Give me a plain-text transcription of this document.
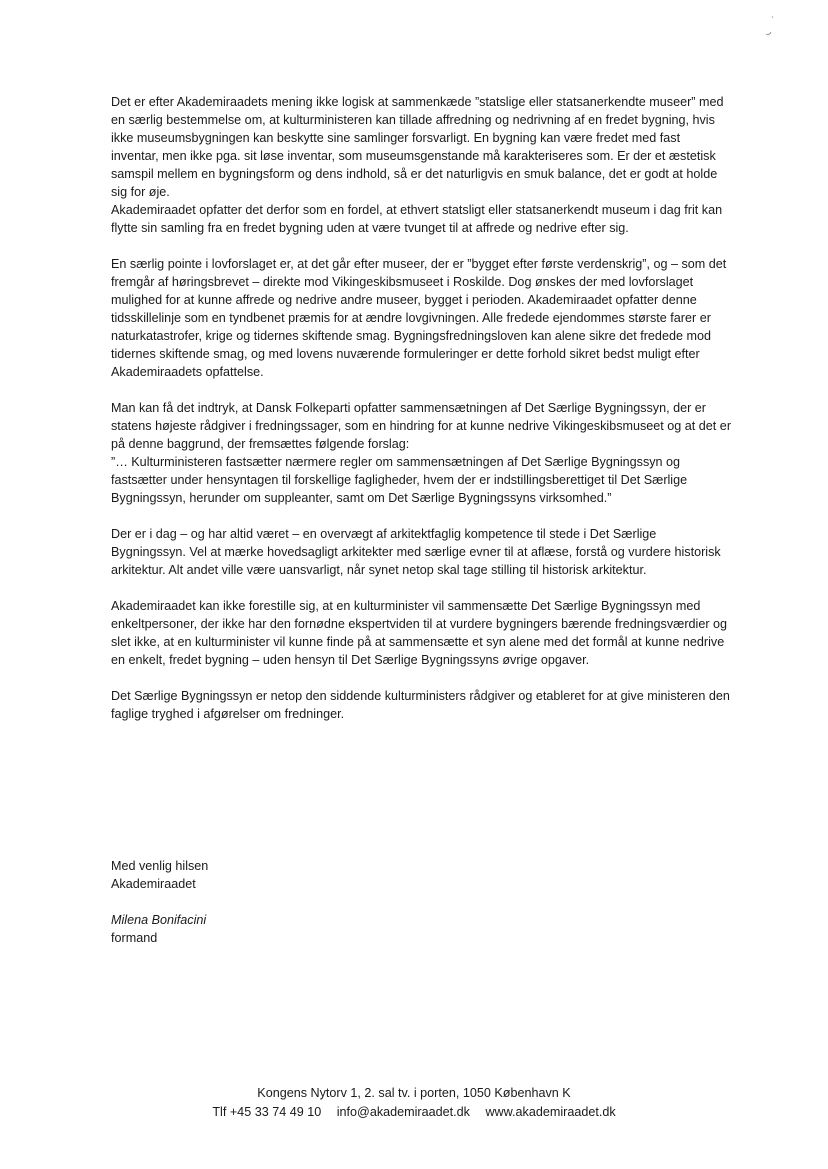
Det er efter Akademiraadets mening ikke logisk at sammenkæde ”statslige eller statsanerkendte museer” med en særlig bestemmelse om, at kulturministeren kan tillade affredning og nedrivning af en fredet bygning, hvis ikke museumsbygningen kan beskytte sine samlinger forsvarligt. En bygning kan være fredet med fast inventar, men ikke pga. sit løse inventar, som museumsgenstande må karakteriseres som. Er der et æstetisk samspil mellem en bygningsform og dens indhold, så er det naturligvis en smuk balance, det er godt at holde sig for øje.

Akademiraadet opfatter det derfor som en fordel, at ethvert statsligt eller statsanerkendt museum i dag frit kan flytte sin samling fra en fredet bygning uden at være tvunget til at affrede og nedrive efter sig.

En særlig pointe i lovforslaget er, at det går efter museer, der er ”bygget efter første verdenskrig”, og – som det fremgår af høringsbrevet – direkte mod Vikingeskibsmuseet i Roskilde. Dog ønskes der med lovforslaget mulighed for at kunne affrede og nedrive andre museer, bygget i perioden. Akademiraadet opfatter denne tidsskillelinje som en tyndbenet præmis for at ændre lovgivningen. Alle fredede ejendommes største farer er naturkatastrofer, krige og tidernes skiftende smag. Bygningsfredningsloven kan alene sikre det fredede mod tidernes skiftende smag, og med lovens nuværende formuleringer er dette forhold sikret bedst muligt efter Akademiraadets opfattelse.

Man kan få det indtryk, at Dansk Folkeparti opfatter sammensætningen af Det Særlige Bygningssyn, der er statens højeste rådgiver i fredningssager, som en hindring for at kunne nedrive Vikingeskibsmuseet og at det er på denne baggrund, der fremsættes følgende forslag:

”… Kulturministeren fastsætter nærmere regler om sammensætningen af Det Særlige Bygningssyn og fastsætter under hensyntagen til forskellige fagligheder, hvem der er indstillingsberettiget til Det Særlige Bygningssyn, herunder om suppleanter, samt om Det Særlige Bygningssyns virksomhed.”

Der er i dag – og har altid været – en overvægt af arkitektfaglig kompetence til stede i Det Særlige Bygningssyn. Vel at mærke hovedsagligt arkitekter med særlige evner til at aflæse, forstå og vurdere historisk arkitektur. Alt andet ville være uansvarligt, når synet netop skal tage stilling til historisk arkitektur.

Akademiraadet kan ikke forestille sig, at en kulturminister vil sammensætte Det Særlige Bygningssyn med enkeltpersoner, der ikke har den fornødne ekspertviden til at vurdere bygningers bærende fredningsværdier og slet ikke, at en kulturminister vil kunne finde på at sammensætte et syn alene med det formål at kunne nedrive en enkelt, fredet bygning – uden hensyn til Det Særlige Bygningssyns øvrige opgaver.

Det Særlige Bygningssyn er netop den siddende kulturministers rådgiver og etableret for at give ministeren den faglige tryghed i afgørelser om fredninger.

Med venlig hilsen
Akademiraadet
Milena Bonifacini
formand
Kongens Nytorv 1, 2. sal tv. i porten, 1050 København K
Tlf +45 33 74 49 10 info@akademiraadet.dk www.akademiraadet.dk
